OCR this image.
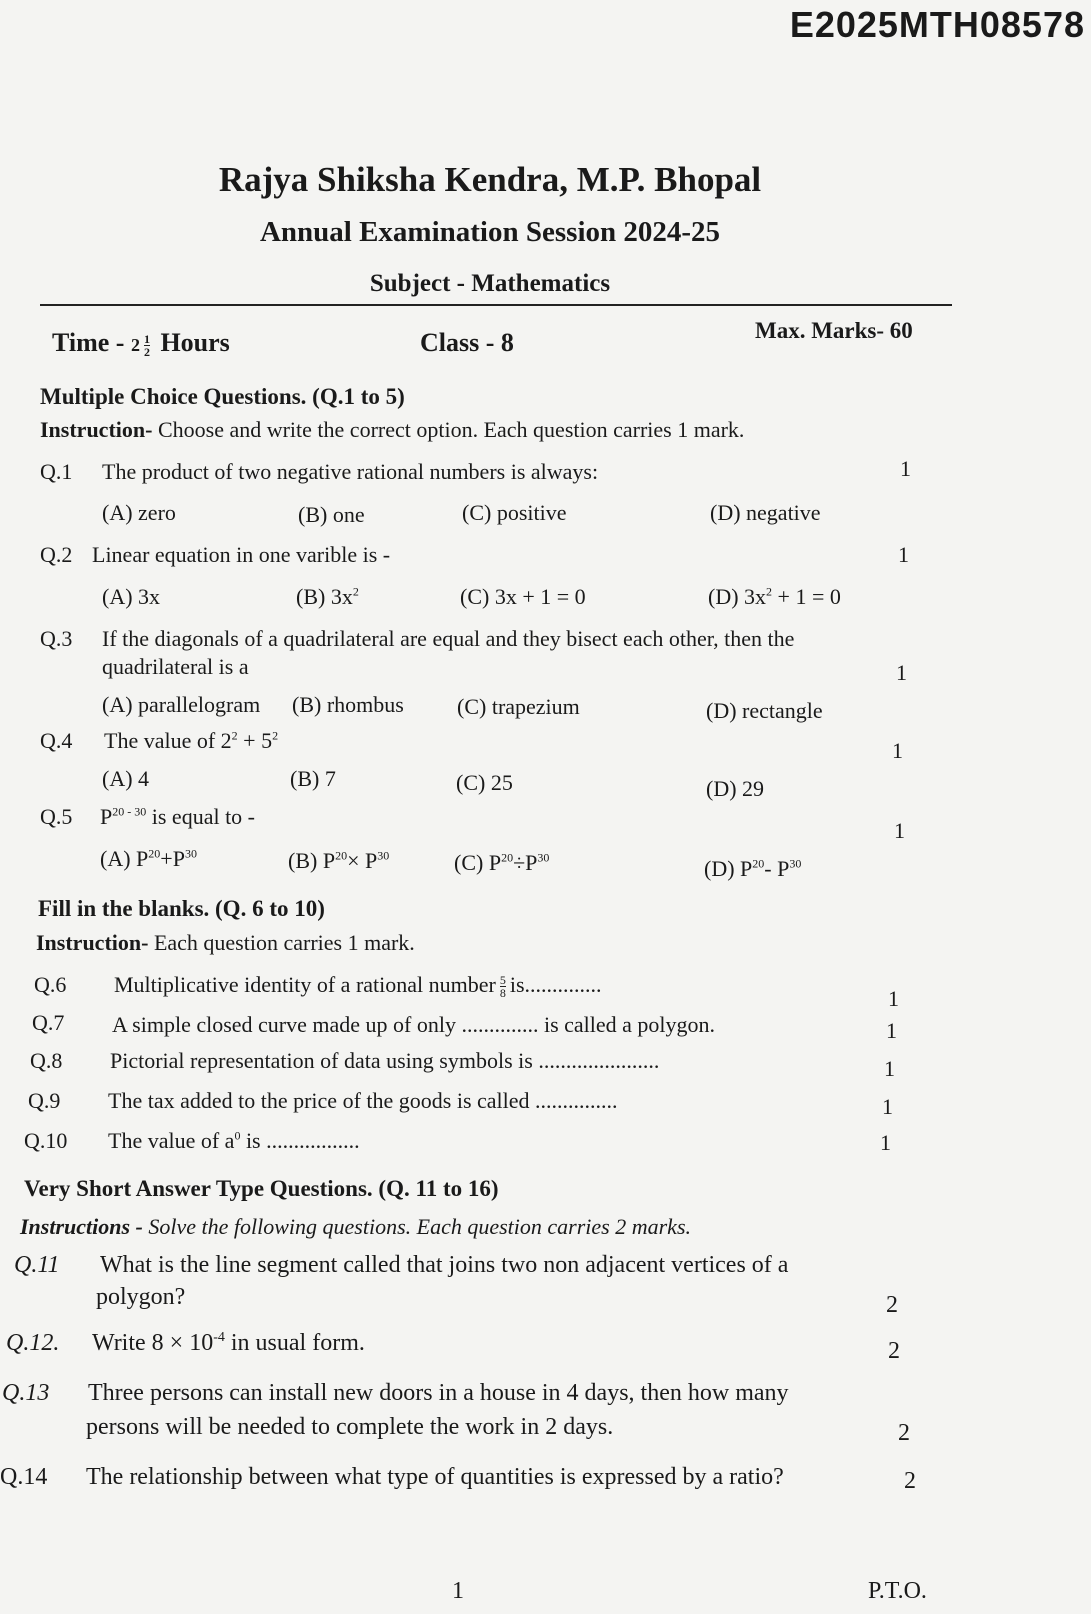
E2025MTH08578
Rajya Shiksha Kendra, M.P. Bhopal
Annual Examination Session 2024-25
Subject - Mathematics
Time - $2 \frac{1}{2}$ Hours	Class - 8	Max. Marks- 60
Multiple Choice Questions. (Q.1 to 5)
Instruction- Choose and write the correct option. Each question carries 1 mark.
Q.1 The product of two negative rational numbers is always:	1
(A) zero	(B) one	(C) positive	(D) negative
Q.2 Linear equation in one varible is -	1
(A) 3x	(B) $3x^2$	(C) 3x + 1 = 0	(D) $3x^2 + 1 = 0$
Q.3 If the diagonals of a quadrilateral are equal and they bisect each other, then the
quadrilateral is a	1
(A) parallelogram (B) rhombus (C) trapezium	(D) rectangle
Q.4 The value of $2^2 + 5^2$
1
(A) 4	(B) 7	(C) 25	(D) 29
Q.5 $P^{20 - 30}$ is equal to -
1
(A) $P^{20}+P^{30}$	(B) $P^{20}\times P^{30}$	(C) $P^{20}\div P^{30}$	(D) $P^{20}-$ $P^{30}$
Fill in the blanks. (Q. 6 to 10)
Instruction- Each question carries 1 mark.
Q.6 Multiplicative identity of a rational number $\frac{5}{8}$ is..............
1
Q.7 A simple closed curve made up of only .............. is called a polygon.	1
Q.8 Pictorial representation of data using symbols is ......................	1
Q.9 The tax added to the price of the goods is called ...............	1
Q.10 The value of $a^0$ is .................	1
Very Short Answer Type Questions. (Q. 11 to 16)
Instructions - Solve the following questions. Each question carries 2 marks.
Q.11 What is the line segment called that joins two non adjacent vertices of a
polygon?	2
Q.12. Write $8 \times 10^{-4}$ in usual form.	2
Q.13 Three persons can install new doors in a house in 4 days, then how many
persons will be needed to complete the work in 2 days.	2
Q.14 The relationship between what type of quantities is expressed by a ratio?	2
1	P.T.O.
